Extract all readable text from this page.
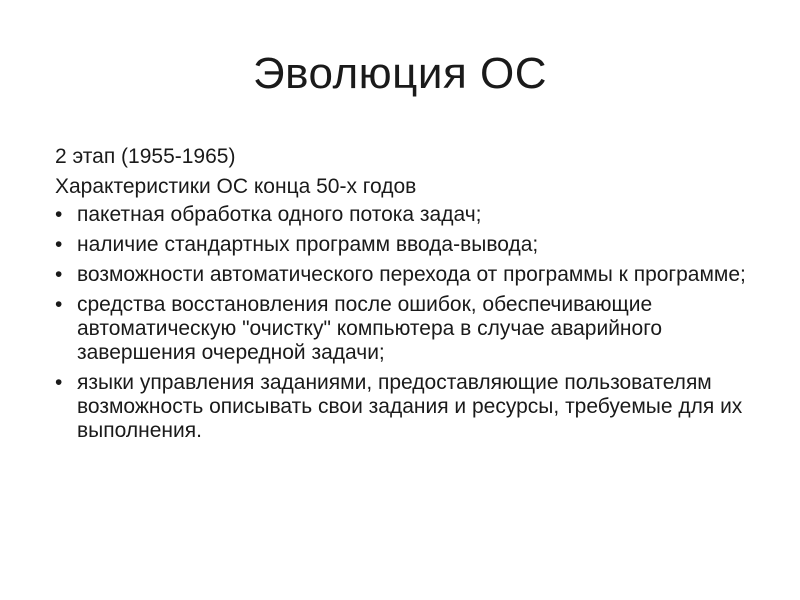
Эволюция ОС

2 этап (1955-1965)

Характеристики ОС конца 50-х годов

• пакетная обработка одного потока задач;
• наличие стандартных программ ввода-вывода;
• возможности автоматического перехода от программы к программе;
• средства восстановления после ошибок, обеспечивающие автоматическую "очистку" компьютера в случае аварийного завершения очередной задачи;
• языки управления заданиями, предоставляющие пользователям возможность описывать свои задания и ресурсы, требуемые для их выполнения.
